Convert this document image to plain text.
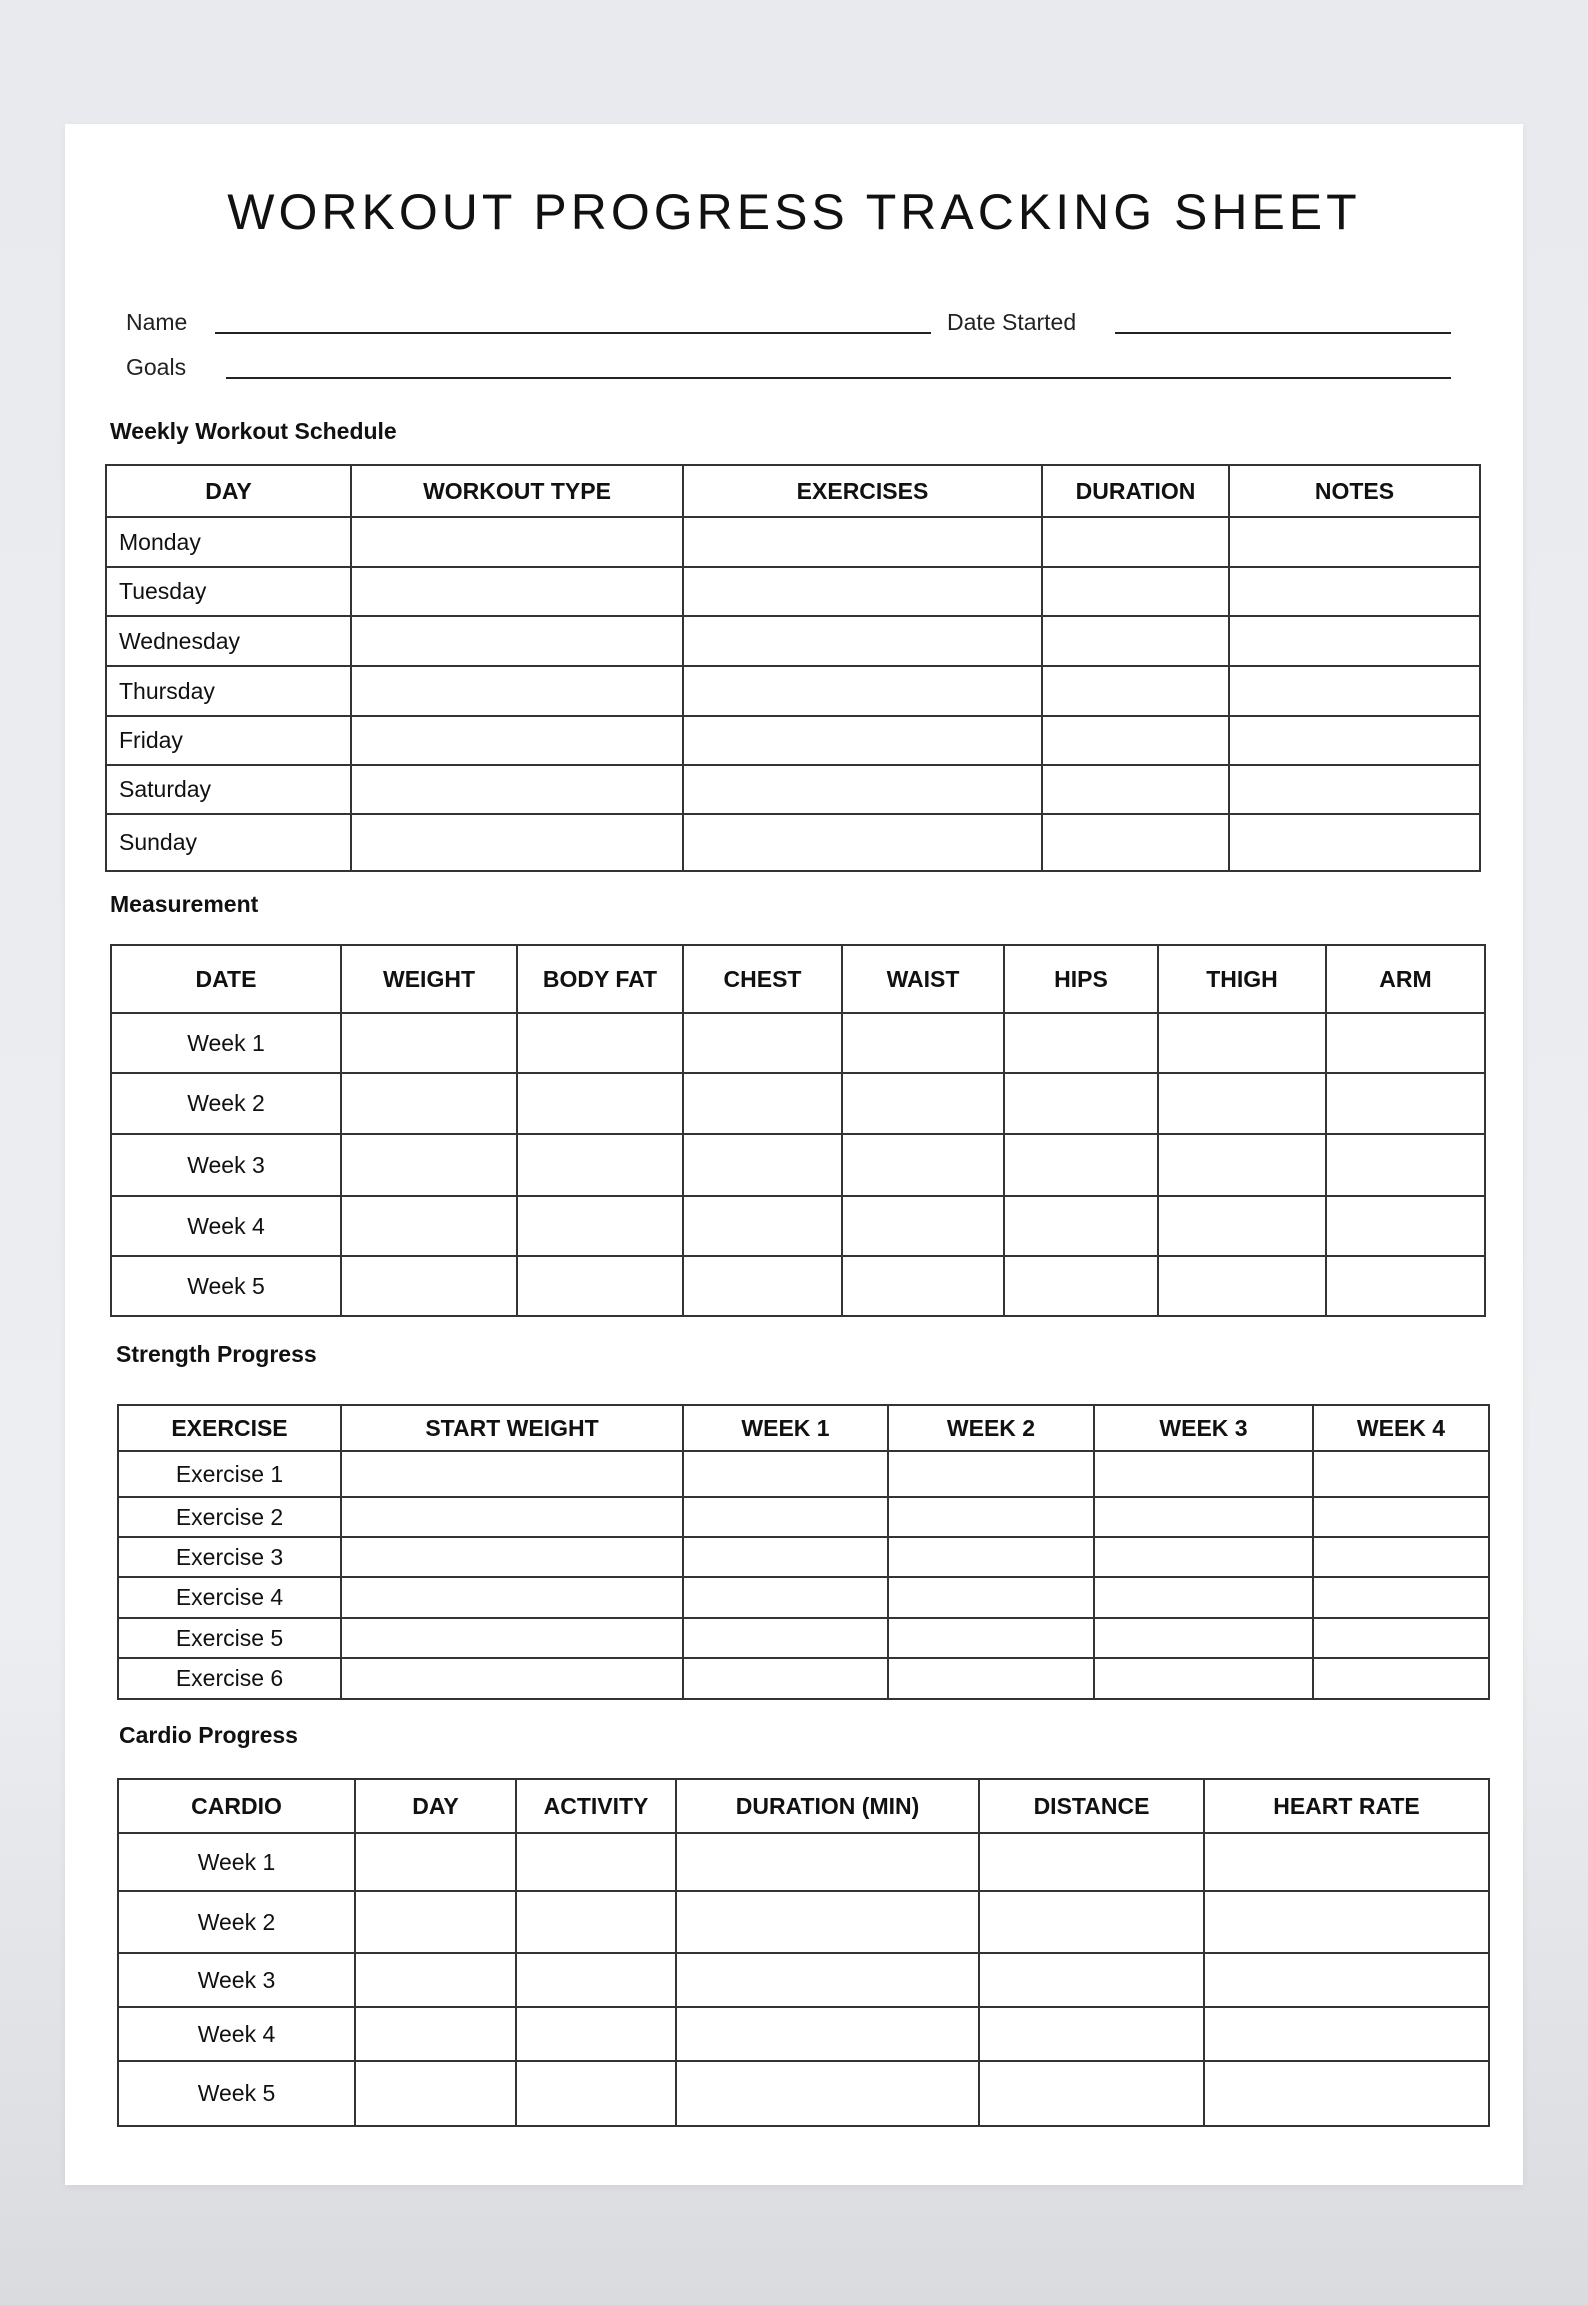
WORKOUT PROGRESS TRACKING SHEET
Name	Date Started
Goals
Weekly Workout Schedule
DAY	WORKOUT TYPE	EXERCISES	DURATION	NOTES
Monday				
Tuesday				
Wednesday				
Thursday				
Friday				
Saturday				
Sunday				
Measurement
DATE	WEIGHT	BODY FAT	CHEST	WAIST	HIPS	THIGH	ARM
Week 1							
Week 2							
Week 3							
Week 4							
Week 5							
Strength Progress
EXERCISE	START WEIGHT	WEEK 1	WEEK 2	WEEK 3	WEEK 4
Exercise 1					
Exercise 2					
Exercise 3					
Exercise 4					
Exercise 5					
Exercise 6					
Cardio Progress
CARDIO	DAY	ACTIVITY	DURATION (MIN)	DISTANCE	HEART RATE
Week 1					
Week 2					
Week 3					
Week 4					
Week 5					
